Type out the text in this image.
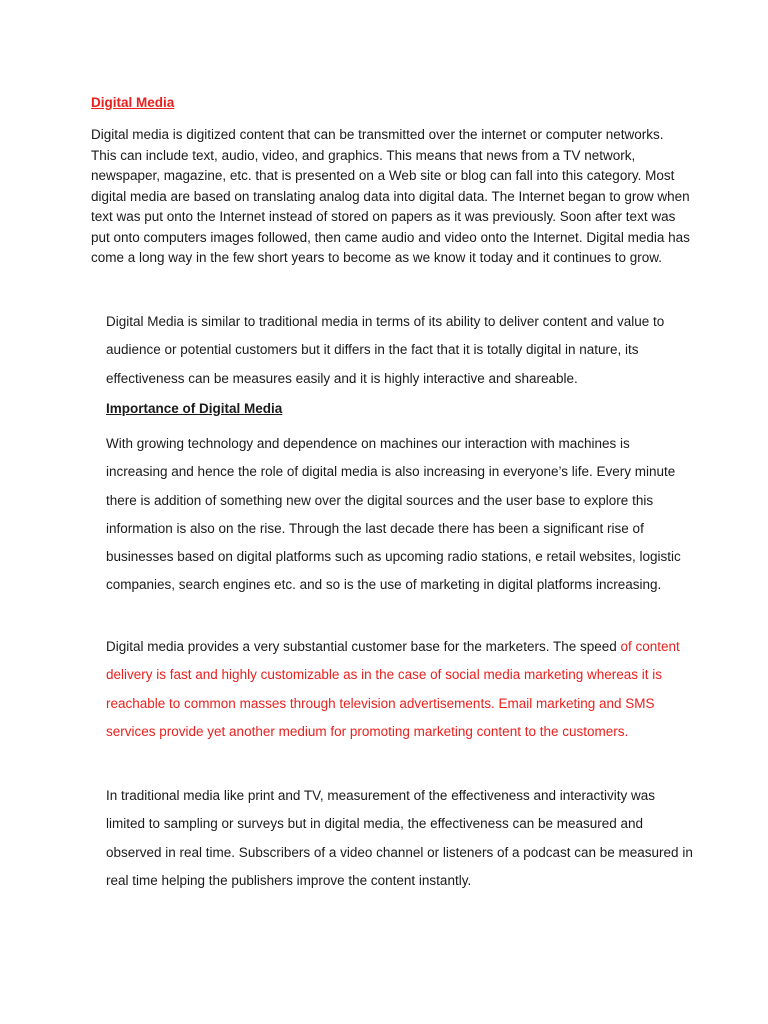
Digital Media

Digital media is digitized content that can be transmitted over the internet or computer networks. This can include text, audio, video, and graphics. This means that news from a TV network, newspaper, magazine, etc. that is presented on a Web site or blog can fall into this category. Most digital media are based on translating analog data into digital data. The Internet began to grow when text was put onto the Internet instead of stored on papers as it was previously. Soon after text was put onto computers images followed, then came audio and video onto the Internet. Digital media has come a long way in the few short years to become as we know it today and it continues to grow.

Digital Media is similar to traditional media in terms of its ability to deliver content and value to audience or potential customers but it differs in the fact that it is totally digital in nature, its effectiveness can be measures easily and it is highly interactive and shareable.

Importance of Digital Media

With growing technology and dependence on machines our interaction with machines is increasing and hence the role of digital media is also increasing in everyone’s life. Every minute there is addition of something new over the digital sources and the user base to explore this information is also on the rise. Through the last decade there has been a significant rise of businesses based on digital platforms such as upcoming radio stations, e retail websites, logistic companies, search engines etc. and so is the use of marketing in digital platforms increasing.

Digital media provides a very substantial customer base for the marketers. The speed of content delivery is fast and highly customizable as in the case of social media marketing whereas it is reachable to common masses through television advertisements. Email marketing and SMS services provide yet another medium for promoting marketing content to the customers.

In traditional media like print and TV, measurement of the effectiveness and interactivity was limited to sampling or surveys but in digital media, the effectiveness can be measured and observed in real time. Subscribers of a video channel or listeners of a podcast can be measured in real time helping the publishers improve the content instantly.
